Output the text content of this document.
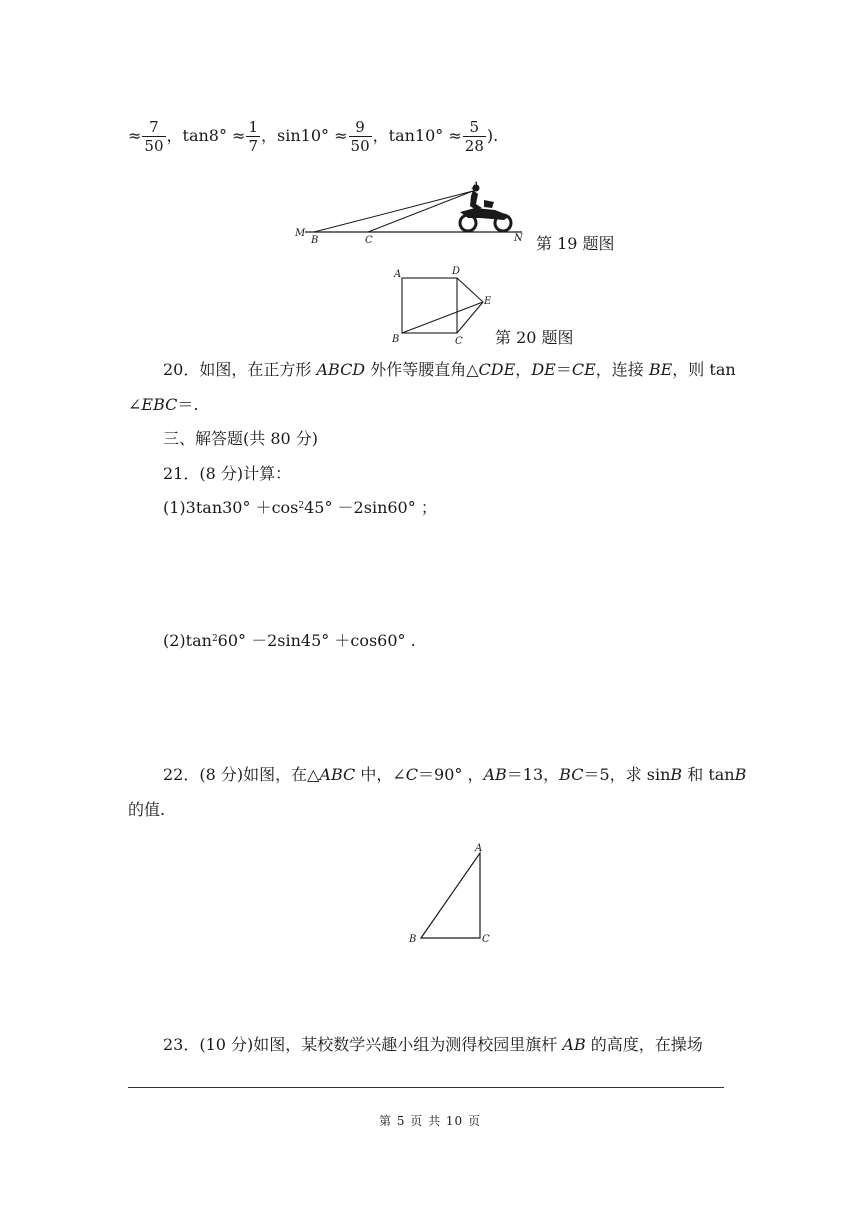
≈ $\frac{7}{50}$ ，$\tan 8^\circ \approx \frac{1}{7}$ ，$\sin 10^\circ \approx \frac{9}{50}$ ，$\tan 10^\circ \approx \frac{5}{28}$ ).
A
M
B	C	N 第 19 题图
A	D
E
B	C 第 20 题图
20．如图，在正方形 ABCD 外作等腰直角△CDE，DE＝CE，连接 BE，则 tan
∠EBC＝.
三、解答题(共 80 分)
21．(8 分)计算：
$(1)3\tan 30^\circ +\cos^245^\circ -2\sin 60^\circ$ ；
$(2)\tan^260^\circ -2\sin 45^\circ +\cos 60^\circ$ .
22．(8 分)如图，在△ABC 中，∠C＝90° ，AB＝13，BC＝5，求 sinB 和 tanB
的值.
A
B	C
23．(10 分)如图，某校数学兴趣小组为测得校园里旗杆 AB 的高度，在操场
第 5 页 共 10 页
